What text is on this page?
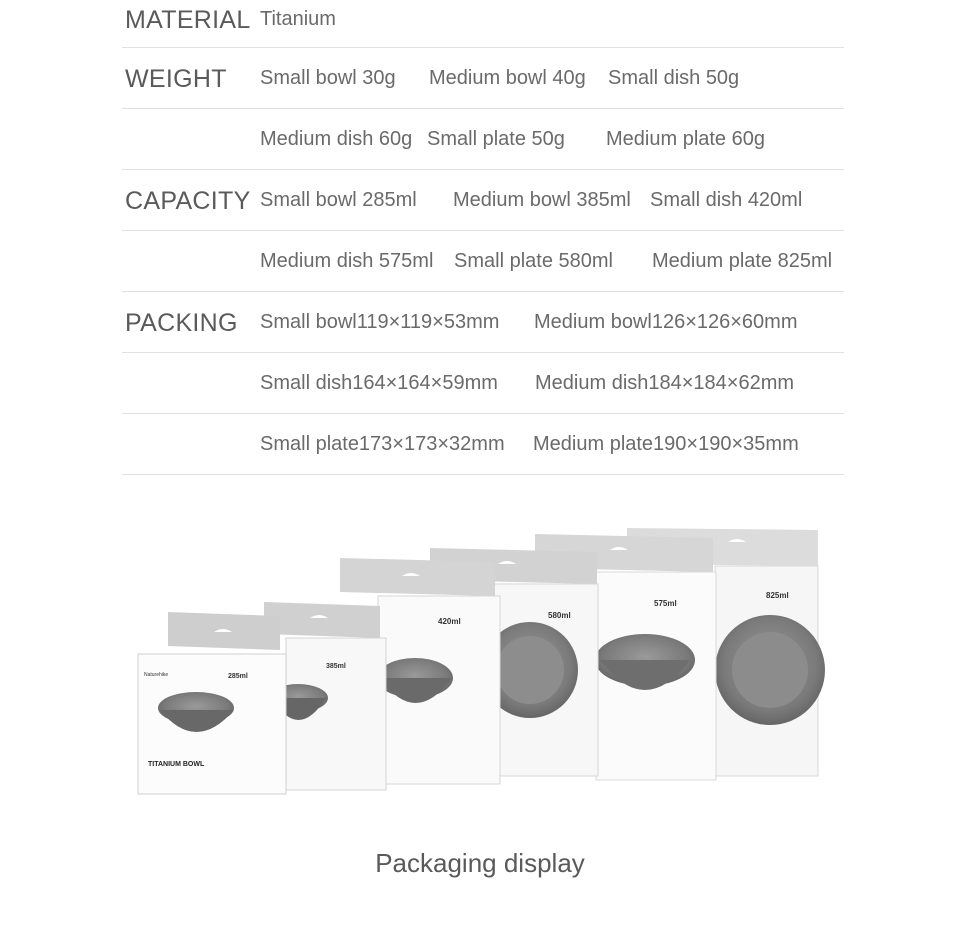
MATERIAL Titanium
WEIGHT Small bowl 30g Medium bowl 40g Small dish 50g
Medium dish 60g Small plate 50g Medium plate 60g
CAPACITY Small bowl 285ml Medium bowl 385ml Small dish 420ml
Medium dish 575ml Small plate 580ml Medium plate 825ml
PACKING Small bowl119×119×53mm Medium bowl126×126×60mm
Small dish164×164×59mm Medium dish184×184×62mm
Small plate173×173×32mm Medium plate190×190×35mm
825ml
575ml
580ml
420ml
385ml
285ml
Naturehike
TITANIUM BOWL
Packaging display
